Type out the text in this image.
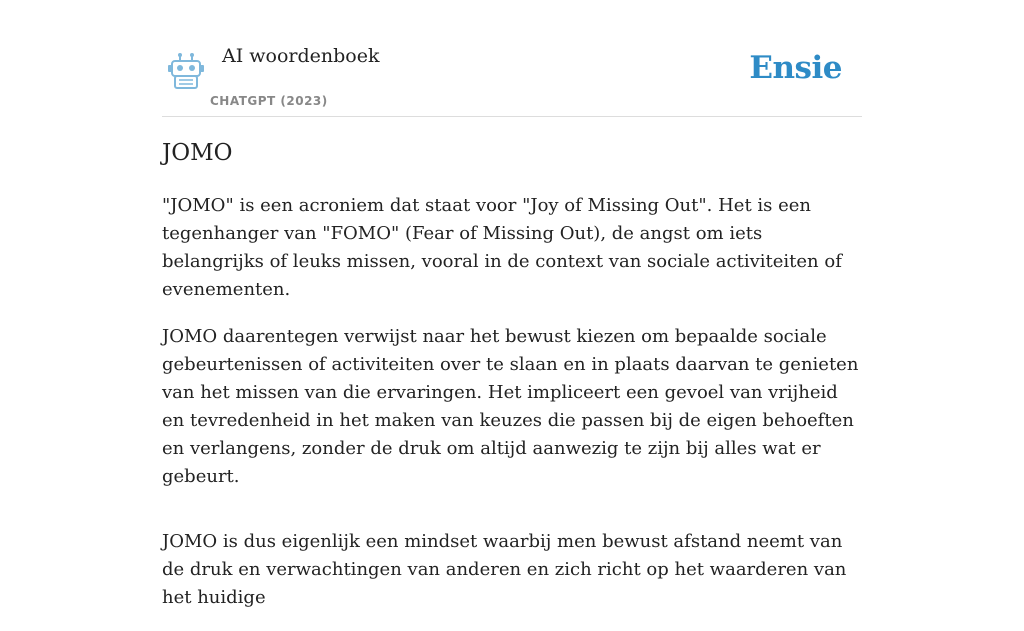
AI woordenboek
CHATGPT (2023)
Ensie
JOMO

"JOMO" is een acroniem dat staat voor "Joy of Missing Out". Het is een tegenhanger van "FOMO" (Fear of Missing Out), de angst om iets belangrijks of leuks missen, vooral in de context van sociale activiteiten of evenementen.

JOMO daarentegen verwijst naar het bewust kiezen om bepaalde sociale gebeurtenissen of activiteiten over te slaan en in plaats daarvan te genieten van het missen van die ervaringen. Het impliceert een gevoel van vrijheid en tevredenheid in het maken van keuzes die passen bij de eigen behoeften en verlangens, zonder de druk om altijd aanwezig te zijn bij alles wat er gebeurt.

JOMO is dus eigenlijk een mindset waarbij men bewust afstand neemt van de druk en verwachtingen van anderen en zich richt op het waarderen van het huidige
